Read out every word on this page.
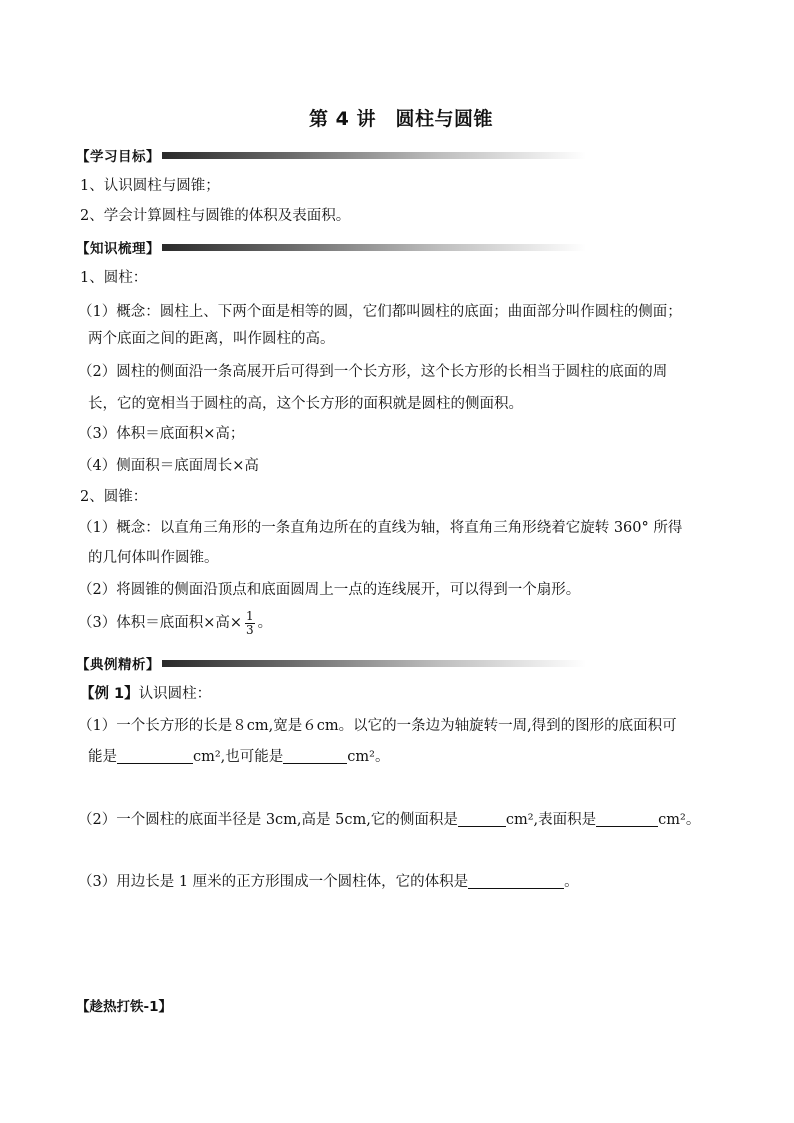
第 4 讲　圆柱与圆锥
【学习目标】
1、认识圆柱与圆锥；
2、学会计算圆柱与圆锥的体积及表面积。
【知识梳理】
1、圆柱：
（1）概念：圆柱上、下两个面是相等的圆，它们都叫圆柱的底面；曲面部分叫作圆柱的侧面；
两个底面之间的距离，叫作圆柱的高。
（2）圆柱的侧面沿一条高展开后可得到一个长方形，这个长方形的长相当于圆柱的底面的周
长，它的宽相当于圆柱的高，这个长方形的面积就是圆柱的侧面积。
（3）体积＝底面积×高；
（4）侧面积＝底面周长×高
2、圆锥：
（1）概念：以直角三角形的一条直角边所在的直线为轴，将直角三角形绕着它旋转 360° 所得
的几何体叫作圆锥。
（2）将圆锥的侧面沿顶点和底面圆周上一点的连线展开，可以得到一个扇形。
（3）体积＝底面积×高× $\frac{1}{3}$ 。
【典例精析】
【例 1】认识圆柱：
（1）一个长方形的长是８cm,宽是６cm。以它的一条边为轴旋转一周,得到的图形的底面积可
能是	cm²,也可能是	cm²。
（2）一个圆柱的底面半径是 3cm,高是 5cm,它的侧面积是	cm²,表面积是	cm²。
（3）用边长是 1 厘米的正方形围成一个圆柱体，它的体积是	。
【趁热打铁-1】
